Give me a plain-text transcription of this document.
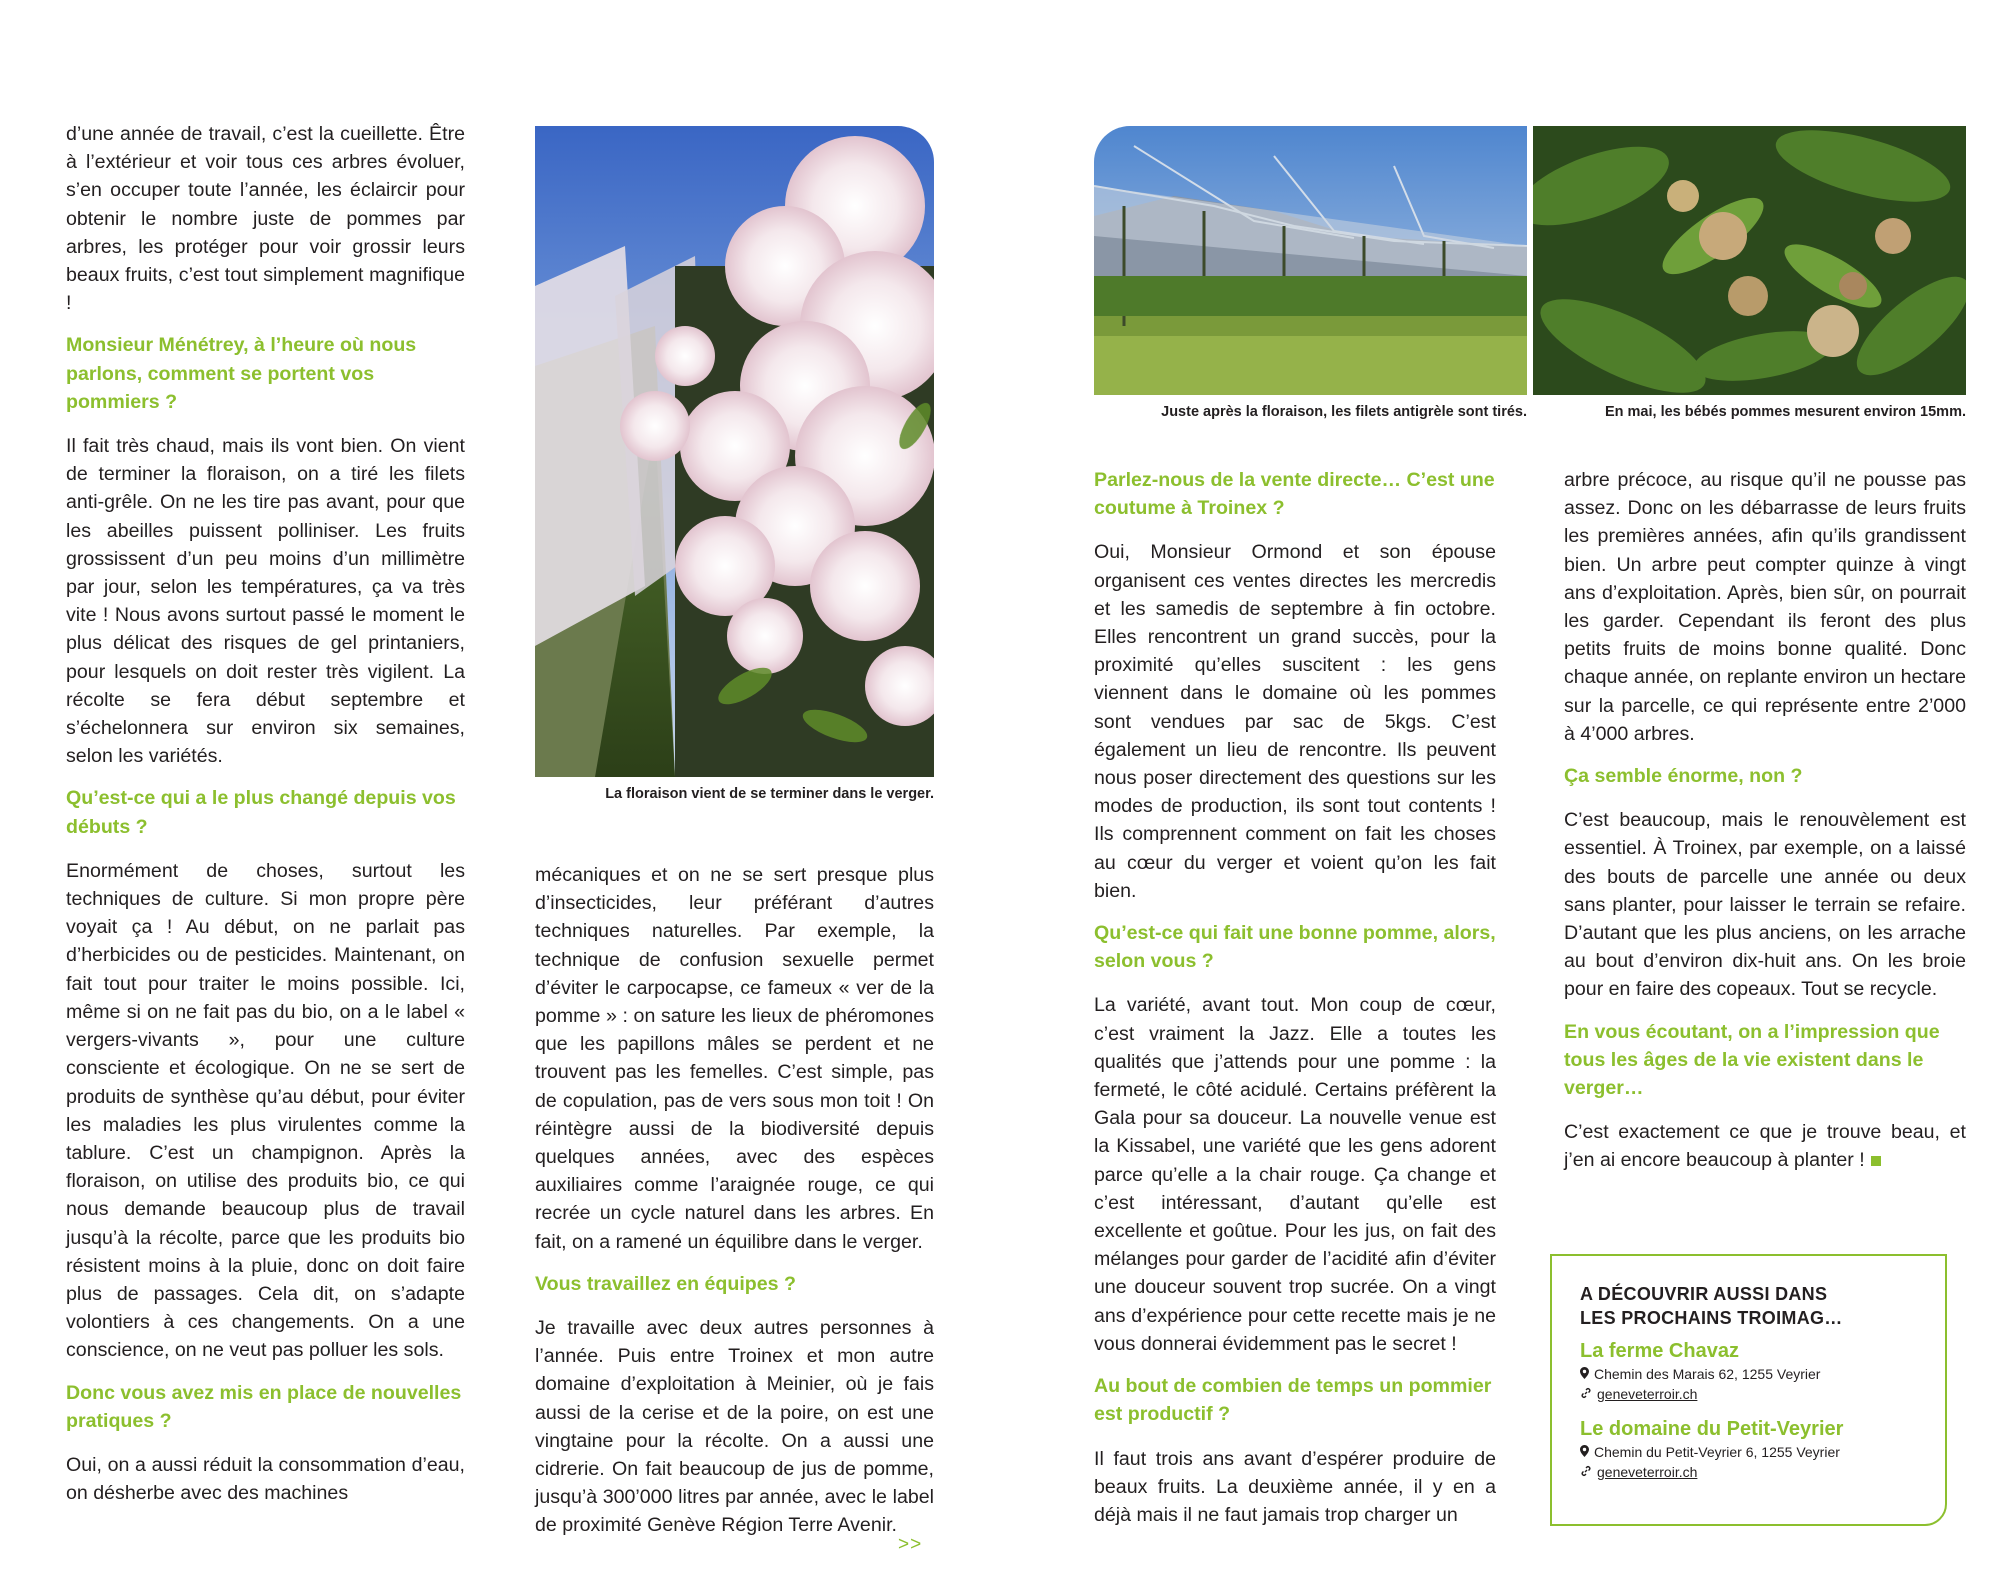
d’une année de travail, c’est la cueillette. Être à l’extérieur et voir tous ces arbres évoluer, s’en occuper toute l’année, les éclaircir pour obtenir le nombre juste de pommes par arbres, les protéger pour voir grossir leurs beaux fruits, c’est tout simplement magnifique !

Monsieur Ménétrey, à l’heure où nous parlons, comment se portent vos pommiers ?

Il fait très chaud, mais ils vont bien. On vient de terminer la floraison, on a tiré les filets anti-grêle. On ne les tire pas avant, pour que les abeilles puissent polliniser. Les fruits grossissent d’un peu moins d’un millimètre par jour, selon les températures, ça va très vite ! Nous avons surtout passé le moment le plus délicat des risques de gel printaniers, pour lesquels on doit rester très vigilent. La récolte se fera début septembre et s’échelonnera sur environ six semaines, selon les variétés.

Qu’est-ce qui a le plus changé depuis vos débuts ?

Enormément de choses, surtout les techniques de culture. Si mon propre père voyait ça ! Au début, on ne parlait pas d’herbicides ou de pesticides. Maintenant, on fait tout pour traiter le moins possible. Ici, même si on ne fait pas du bio, on a le label « vergers-vivants », pour une culture consciente et écologique. On ne se sert de produits de synthèse qu’au début, pour éviter les maladies les plus virulentes comme la tablure. C’est un champignon. Après la floraison, on utilise des produits bio, ce qui nous demande beaucoup plus de travail jusqu’à la récolte, parce que les produits bio résistent moins à la pluie, donc on doit faire plus de passages. Cela dit, on s’adapte volontiers à ces changements. On a une conscience, on ne veut pas polluer les sols.

Donc vous avez mis en place de nouvelles pratiques ?

Oui, on a aussi réduit la consommation d’eau, on désherbe avec des machines

La floraison vient de se terminer dans le verger.

mécaniques et on ne se sert presque plus d’insecticides, leur préférant d’autres techniques naturelles. Par exemple, la technique de confusion sexuelle permet d’éviter le carpocapse, ce fameux « ver de la pomme » : on sature les lieux de phéromones que les papillons mâles se perdent et ne trouvent pas les femelles. C’est simple, pas de copulation, pas de vers sous mon toit ! On réintègre aussi de la biodiversité depuis quelques années, avec des espèces auxiliaires comme l’araignée rouge, ce qui recrée un cycle naturel dans les arbres. En fait, on a ramené un équilibre dans le verger.

Vous travaillez en équipes ?

Je travaille avec deux autres personnes à l’année. Puis entre Troinex et mon autre domaine d’exploitation à Meinier, où je fais aussi de la cerise et de la poire, on est une vingtaine pour la récolte. On a aussi une cidrerie. On fait beaucoup de jus de pomme, jusqu’à 300’000 litres par année, avec le label de proximité Genève Région Terre Avenir.

>>
Juste après la floraison, les filets antigrèle sont tirés.	En mai, les bébés pommes mesurent environ 15mm.
Parlez-nous de la vente directe… C’est une coutume à Troinex ?

Oui, Monsieur Ormond et son épouse organisent ces ventes directes les mercredis et les samedis de septembre à fin octobre. Elles rencontrent un grand succès, pour la proximité qu’elles suscitent : les gens viennent dans le domaine où les pommes sont vendues par sac de 5kgs. C’est également un lieu de rencontre. Ils peuvent nous poser directement des questions sur les modes de production, ils sont tout contents ! Ils comprennent comment on fait les choses au cœur du verger et voient qu’on les fait bien.

Qu’est-ce qui fait une bonne pomme, alors, selon vous ?

La variété, avant tout. Mon coup de cœur, c’est vraiment la Jazz. Elle a toutes les qualités que j’attends pour une pomme : la fermeté, le côté acidulé. Certains préfèrent la Gala pour sa douceur. La nouvelle venue est la Kissabel, une variété que les gens adorent parce qu’elle a la chair rouge. Ça change et c’est intéressant, d’autant qu’elle est excellente et goûtue. Pour les jus, on fait des mélanges pour garder de l’acidité afin d’éviter une douceur souvent trop sucrée. On a vingt ans d’expérience pour cette recette mais je ne vous donnerai évidemment pas le secret !

Au bout de combien de temps un pommier est productif ?

Il faut trois ans avant d’espérer produire de beaux fruits. La deuxième année, il y en a déjà mais il ne faut jamais trop charger un

arbre précoce, au risque qu’il ne pousse pas assez. Donc on les débarrasse de leurs fruits les premières années, afin qu’ils grandissent bien. Un arbre peut compter quinze à vingt ans d’exploitation. Après, bien sûr, on pourrait les garder. Cependant ils feront des plus petits fruits de moins bonne qualité. Donc chaque année, on replante environ un hectare sur la parcelle, ce qui représente entre 2’000 à 4’000 arbres.

Ça semble énorme, non ?

C’est beaucoup, mais le renouvèlement est essentiel. À Troinex, par exemple, on a laissé des bouts de parcelle une année ou deux sans planter, pour laisser le terrain se refaire. D’autant que les plus anciens, on les arrache au bout d’environ dix-huit ans. On les broie pour en faire des copeaux. Tout se recycle.

En vous écoutant, on a l’impression que tous les âges de la vie existent dans le verger…

C’est exactement ce que je trouve beau, et j’en ai encore beaucoup à planter !

A DÉCOUVRIR AUSSI DANS
LES PROCHAINS TROIMAG…
La ferme Chavaz
Chemin des Marais 62, 1255 Veyrier
geneveterroir.ch
Le domaine du Petit-Veyrier
Chemin du Petit-Veyrier 6, 1255 Veyrier
geneveterroir.ch
